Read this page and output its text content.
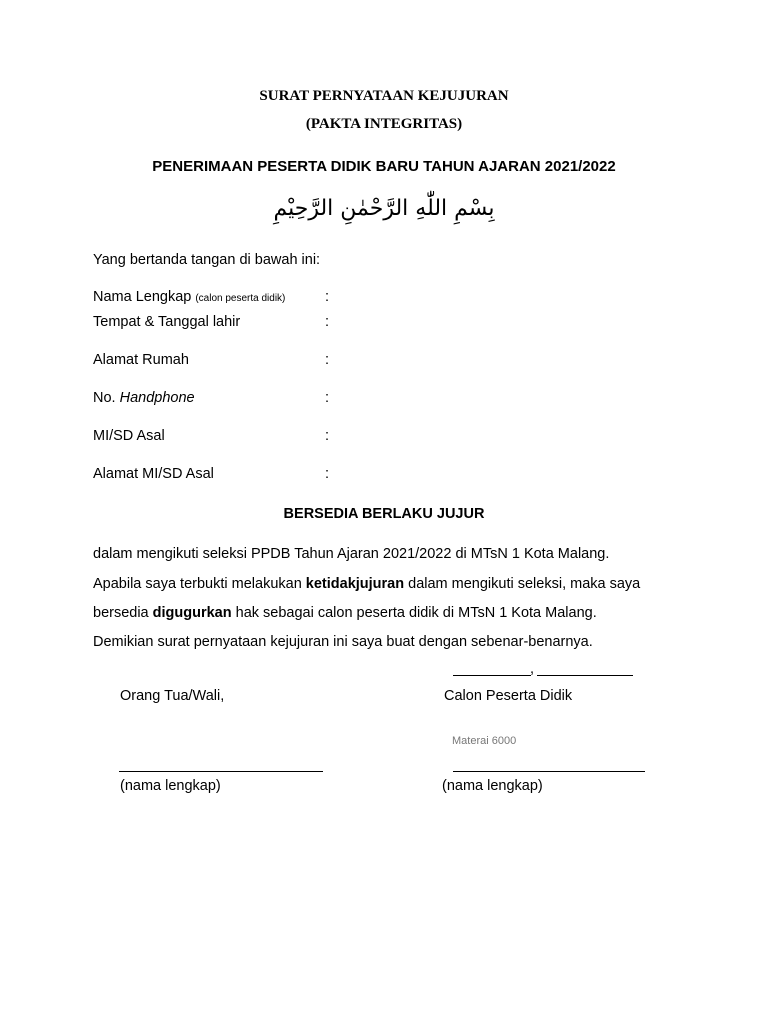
SURAT PERNYATAAN KEJUJURAN
(PAKTA INTEGRITAS)
PENERIMAAN PESERTA DIDIK BARU TAHUN AJARAN 2021/2022
بِسْمِ اللّٰهِ الرَّحْمٰنِ الرَّحِيْمِ
Yang bertanda tangan di bawah ini:
Nama Lengkap (calon peserta didik)	:
Tempat & Tanggal lahir	:
Alamat Rumah	:
No. Handphone	:
MI/SD Asal	:
Alamat MI/SD Asal	:
BERSEDIA BERLAKU JUJUR
dalam mengikuti seleksi PPDB Tahun Ajaran 2021/2022 di MTsN 1 Kota Malang.
Apabila saya terbukti melakukan ketidakjujuran dalam mengikuti seleksi, maka saya
bersedia digugurkan hak sebagai calon peserta didik di MTsN 1 Kota Malang.
Demikian surat pernyataan kejujuran ini saya buat dengan sebenar-benarnya.
,
Orang Tua/Wali,	Calon Peserta Didik
Materai 6000
(nama lengkap)	(nama lengkap)
